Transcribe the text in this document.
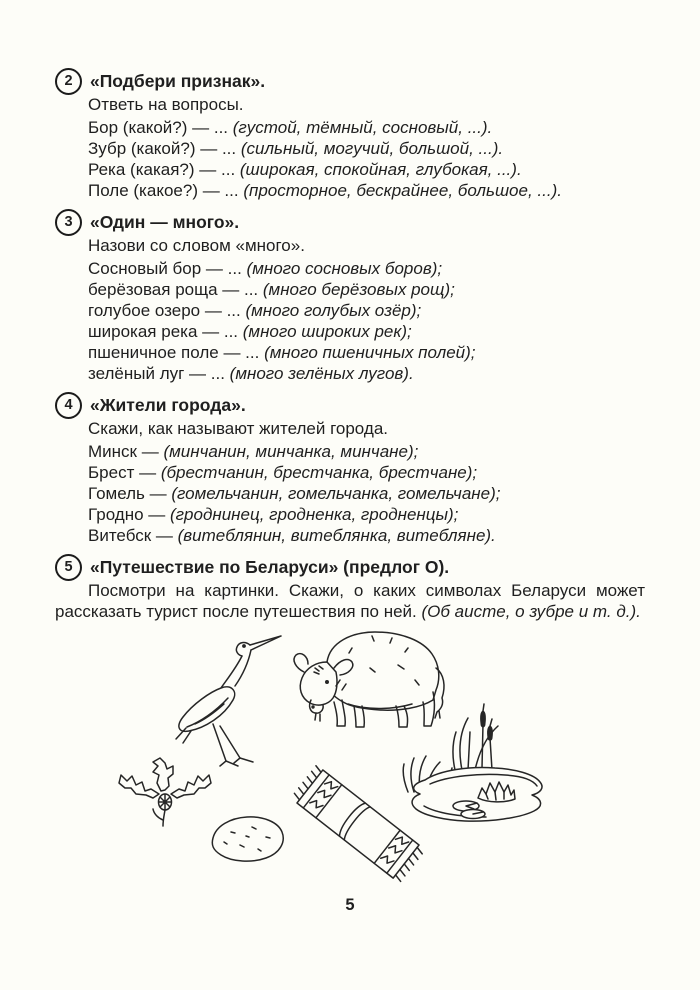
2 «Подбери признак».
Ответь на вопросы.
Бор (какой?) — ... (густой, тёмный, сосновый, ...).
Зубр (какой?) — ... (сильный, могучий, большой, ...).
Река (какая?) — ... (широкая, спокойная, глубокая, ...).
Поле (какое?) — ... (просторное, бескрайнее, большое, ...).
3 «Один — много».
Назови со словом «много».
Сосновый бор — ... (много сосновых боров);
берёзовая роща — ... (много берёзовых рощ);
голубое озеро — ... (много голубых озёр);
широкая река — ... (много широких рек);
пшеничное поле — ... (много пшеничных полей);
зелёный луг — ... (много зелёных лугов).
4 «Жители города».
Скажи, как называют жителей города.
Минск — (минчанин, минчанка, минчане);
Брест — (брестчанин, брестчанка, брестчане);
Гомель — (гомельчанин, гомельчанка, гомельчане);
Гродно — (гроднинец, гродненка, гродненцы);
Витебск — (витеблянин, витеблянка, витебляне).
5 «Путешествие по Беларуси» (предлог О).
Посмотри на картинки. Скажи, о каких символах Беларуси может рассказать турист после путешествия по ней. (Об аисте, о зубре и т. д.).
5
